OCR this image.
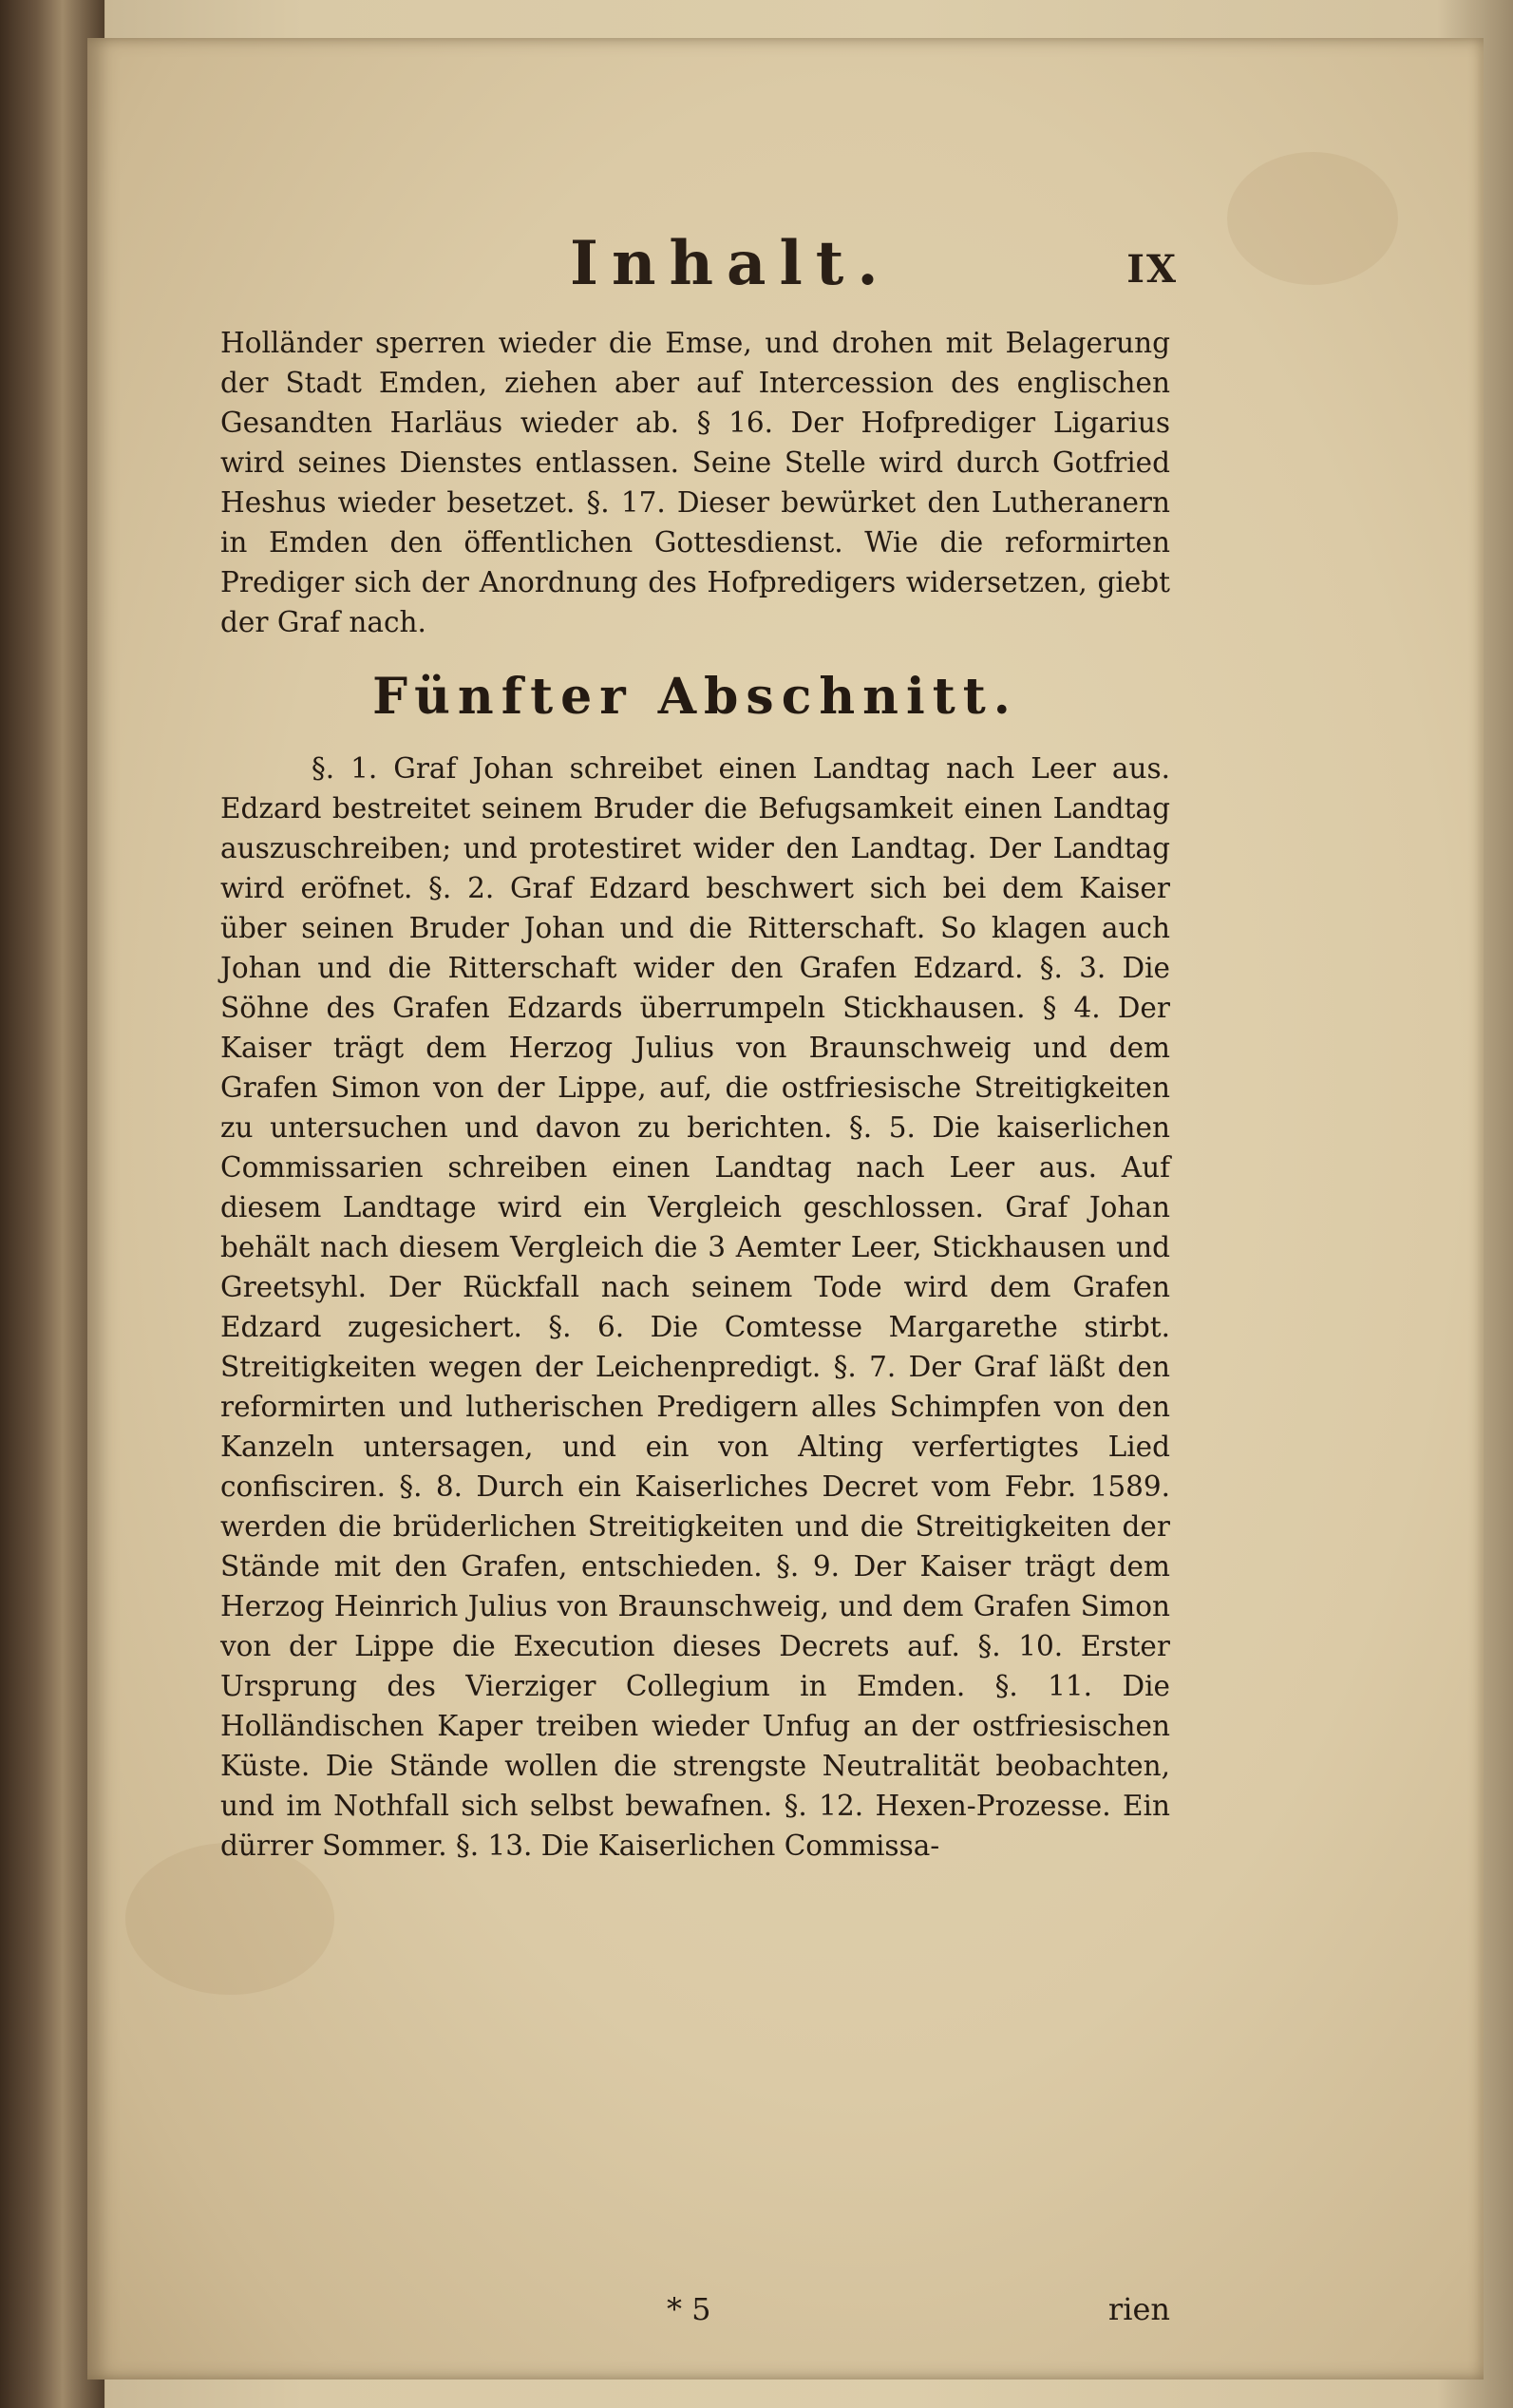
Inhalt.	IX

Holländer sperren wieder die Emse, und drohen mit Belagerung der Stadt Emden, ziehen aber auf Intercession des englischen Gesandten Harläus wieder ab. § 16. Der Hofprediger Ligarius wird seines Dienstes entlassen. Seine Stelle wird durch Gotfried Heshus wieder besetzet. §. 17. Dieser bewürket den Lutheranern in Emden den öffentlichen Gottesdienst. Wie die reformirten Prediger sich der Anordnung des Hofpredigers widersetzen, giebt der Graf nach.

Fünfter Abschnitt.

§. 1. Graf Johan schreibet einen Landtag nach Leer aus. Edzard bestreitet seinem Bruder die Befugsamkeit einen Landtag auszuschreiben; und protestiret wider den Landtag. Der Landtag wird eröfnet. §. 2. Graf Edzard beschwert sich bei dem Kaiser über seinen Bruder Johan und die Ritterschaft. So klagen auch Johan und die Ritterschaft wider den Grafen Edzard. §. 3. Die Söhne des Grafen Edzards überrumpeln Stickhausen. § 4. Der Kaiser trägt dem Herzog Julius von Braunschweig und dem Grafen Simon von der Lippe, auf, die ostfriesische Streitigkeiten zu untersuchen und davon zu berichten. §. 5. Die kaiserlichen Commissarien schreiben einen Landtag nach Leer aus. Auf diesem Landtage wird ein Vergleich geschlossen. Graf Johan behält nach diesem Vergleich die 3 Aemter Leer, Stickhausen und Greetsyhl. Der Rückfall nach seinem Tode wird dem Grafen Edzard zugesichert. §. 6. Die Comtesse Margarethe stirbt. Streitigkeiten wegen der Leichenpredigt. §. 7. Der Graf läßt den reformirten und lutherischen Predigern alles Schimpfen von den Kanzeln untersagen, und ein von Alting verfertigtes Lied confisciren. §. 8. Durch ein Kaiserliches Decret vom Febr. 1589. werden die brüderlichen Streitigkeiten und die Streitigkeiten der Stände mit den Grafen, entschieden. §. 9. Der Kaiser trägt dem Herzog Heinrich Julius von Braunschweig, und dem Grafen Simon von der Lippe die Execution dieses Decrets auf. §. 10. Erster Ursprung des Vierziger Collegium in Emden. §. 11. Die Holländischen Kaper treiben wieder Unfug an der ostfriesischen Küste. Die Stände wollen die strengste Neutralität beobachten, und im Nothfall sich selbst bewafnen. §. 12. Hexen-Prozesse. Ein dürrer Sommer. §. 13. Die Kaiserlichen Commissa-

* 5	rien
